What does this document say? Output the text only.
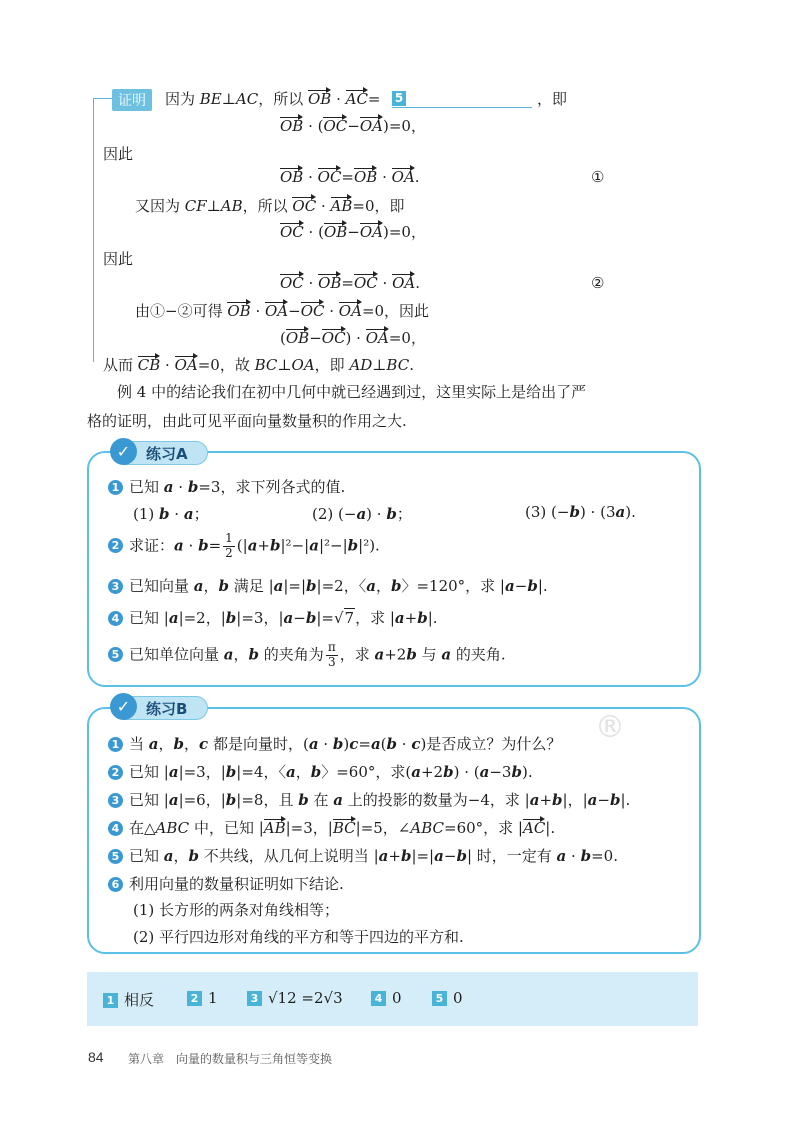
证明	因为 BE⊥AC，所以 OB · AC= 5	，即
OB · (OC−OA)=0，
因此
OB · OC=OB · OA.	①
又因为 CF⊥AB，所以 OC · AB=0，即
OC · (OB−OA)=0，
因此
OC · OB=OC · OA.	②
由①−②可得 OB · OA−OC · OA=0，因此
(OB−OC) · OA=0，
从而 CB · OA=0，故 BC⊥OA，即 AD⊥BC.
例 4 中的结论我们在初中几何中就已经遇到过，这里实际上是给出了严
格的证明，由此可见平面向量数量积的作用之大.
✓	练习A
1 已知 a · b=3，求下列各式的值.
(1) b · a；	(2) (−a) · b；	(3) (−b) · (3a).
2 求证：$a \cdot b= \frac{1}{2} (|a+b|^2-|a|^2-|b|^2)$.
3 已知向量 a，b 满足 |a|=|b|=2，〈a，b〉=120°，求 |a−b|.
4 已知 |a|=2，|b|=3，|a−b|=√7，求 |a+b|.
5 已知单位向量 a，b 的夹角为 $\frac{\pi}{3}$ ，求 a+2b 与 a 的夹角.
✓	练习B
®
1 当 a，b，c 都是向量时，(a · b)c=a(b · c)是否成立？为什么？
2 已知 |a|=3，|b|=4，〈a，b〉=60°，求(a+2b) · (a−3b).
3 已知 |a|=6，|b|=8，且 b 在 a 上的投影的数量为−4，求 |a+b|，|a−b|.
4 在△ABC 中，已知 |AB|=3，|BC|=5，∠ABC=60°，求 |AC|.
5 已知 a，b 不共线，从几何上说明当 |a+b|=|a−b| 时，一定有 a · b=0.
6 利用向量的数量积证明如下结论.
(1) 长方形的两条对角线相等；
(2) 平行四边形对角线的平方和等于四边的平方和.
1 相反	2 1	3 √12 =2√3	4 0	5 0
84 第八章　向量的数量积与三角恒等变换
